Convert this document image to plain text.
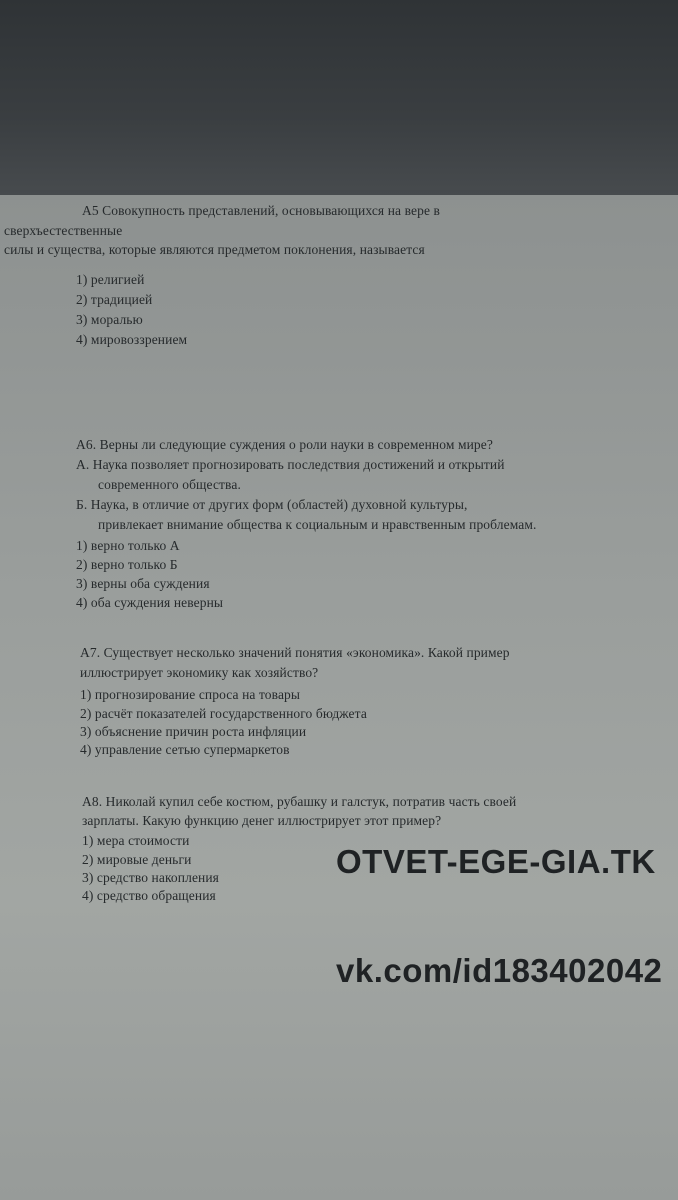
А5 Совокупность представлений, основывающихся на вере в
сверхъестественные
силы и существа, которые являются предметом поклонения, называется
1) религией
2) традицией
3) моралью
4) мировоззрением
А6. Верны ли следующие суждения о роли науки в современном мире?
А. Наука позволяет прогнозировать последствия достижений и открытий
современного общества.
Б. Наука, в отличие от других форм (областей) духовной культуры,
привлекает внимание общества к социальным и нравственным проблемам.
1) верно только А
2) верно только Б
3) верны оба суждения
4) оба суждения неверны
А7. Существует несколько значений понятия «экономика». Какой пример
иллюстрирует экономику как хозяйство?
1) прогнозирование спроса на товары
2) расчёт показателей государственного бюджета
3) объяснение причин роста инфляции
4) управление сетью супермаркетов
А8. Николай купил себе костюм, рубашку и галстук, потратив часть своей
зарплаты. Какую функцию денег иллюстрирует этот пример?
1) мера стоимости
2) мировые деньги
3) средство накопления
4) средство обращения
OTVET-EGE-GIA.TK
vk.com/id183402042
